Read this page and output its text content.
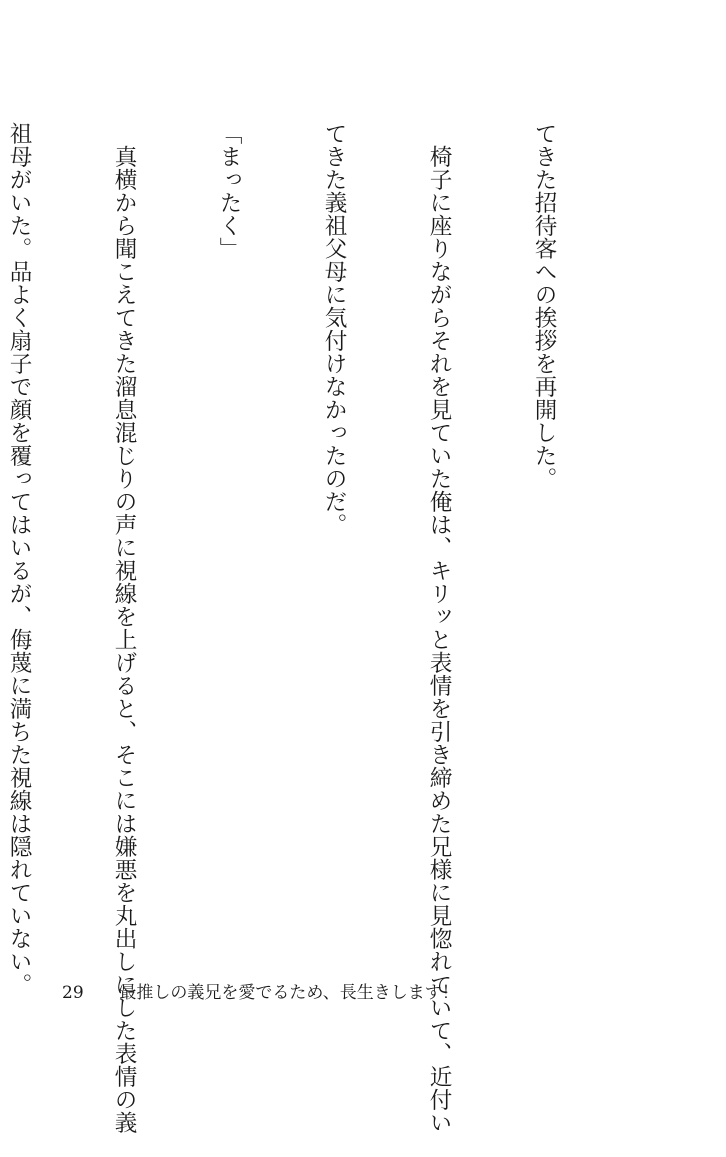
てきた招待客への挨拶を再開した。

　椅子に座りながらそれを見ていた俺は、キリッと表情を引き締めた兄様に見惚れていて、近付い

てきた義祖父母に気付けなかったのだ。

「まったく」

　真横から聞こえてきた溜息混じりの声に視線を上げると、そこには嫌悪を丸出しにした表情の義

祖母がいた。品よく扇子で顔を覆ってはいるが、侮蔑に満ちた視線は隠れていない。

29 最推しの義兄を愛でるため、長生きします！
